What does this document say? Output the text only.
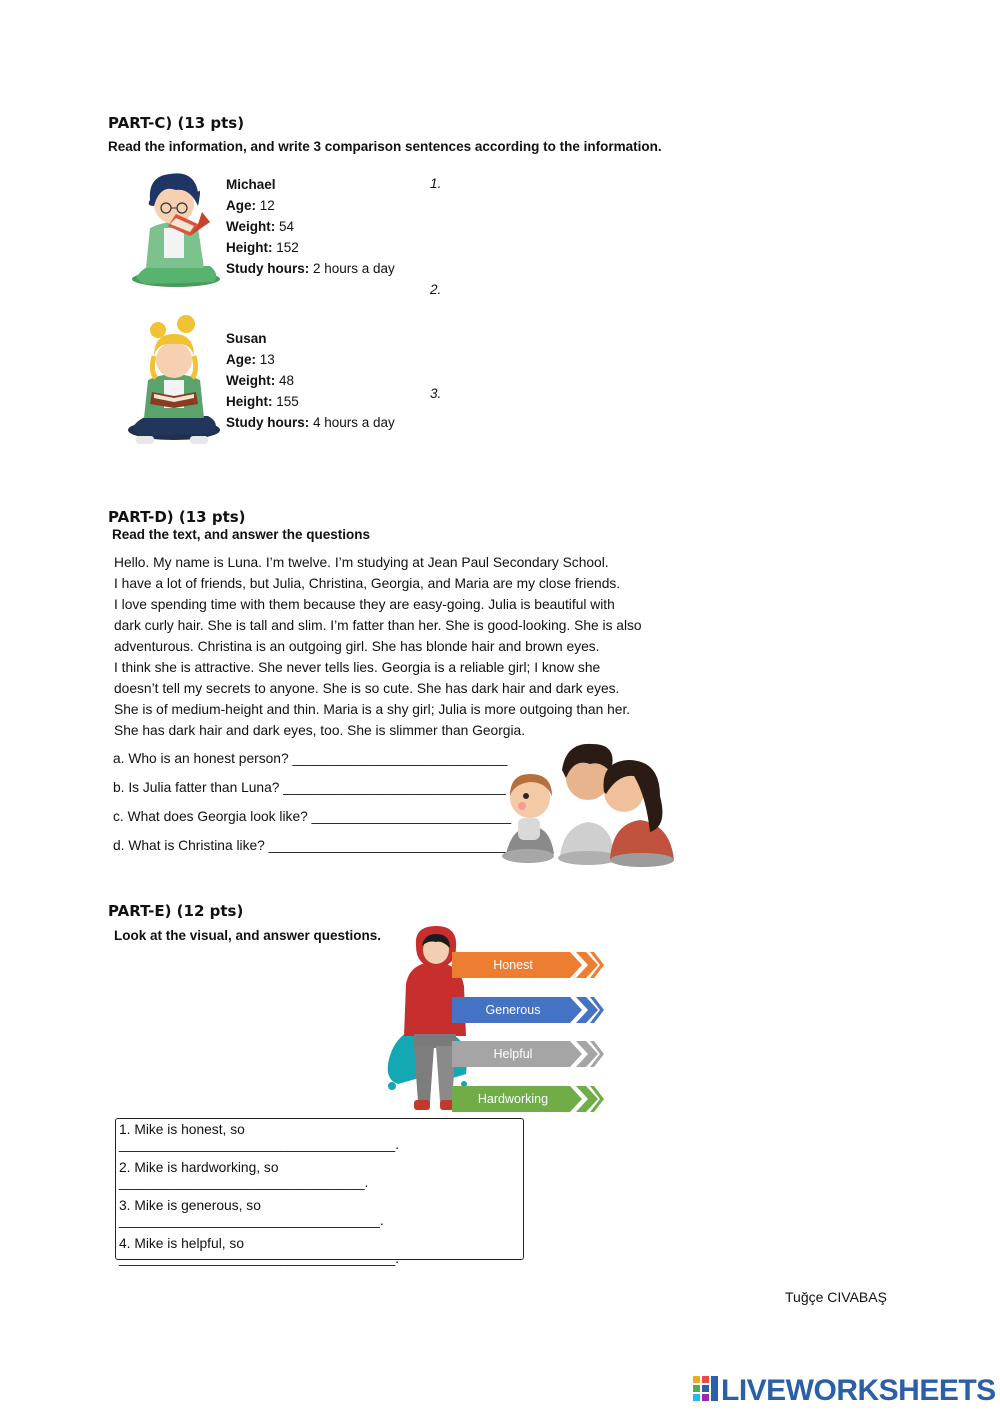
PART-C) (13 pts)
Read the information, and write 3 comparison sentences according to the information.
Michael
Age: 12
Weight: 54
Height: 152
Study hours: 2 hours a day
Susan
Age: 13
Weight: 48
Height: 155
Study hours: 4 hours a day
1.
2.
3.
PART-D) (13 pts)
Read the text, and answer the questions
Hello. My name is Luna. I’m twelve. I’m studying at Jean Paul Secondary School.
I have a lot of friends, but Julia, Christina, Georgia, and Maria are my close friends.
I love spending time with them because they are easy-going. Julia is beautiful with
dark curly hair. She is tall and slim. I’m fatter than her. She is good-looking. She is also
adventurous. Christina is an outgoing girl. She has blonde hair and brown eyes.
I think she is attractive. She never tells lies. Georgia is a reliable girl; I know she
doesn’t tell my secrets to anyone. She is so cute. She has dark hair and dark eyes.
She is of medium-height and thin. Maria is a shy girl; Julia is more outgoing than her.
She has dark hair and dark eyes, too. She is slimmer than Georgia.
a. Who is an honest person? ____________________________
b. Is Julia fatter than Luna? _____________________________
c. What does Georgia look like? __________________________
d. What is Christina like? _______________________________
PART-E) (12 pts)
Look at the visual, and answer questions.
Honest
Generous
Helpful
Hardworking
1. Mike is honest, so ____________________________________.
2. Mike is hardworking, so ________________________________.
3. Mike is generous, so __________________________________.
4. Mike is helpful, so ____________________________________.
Tuğçe CIVABAŞ
LIVEWORKSHEETS
